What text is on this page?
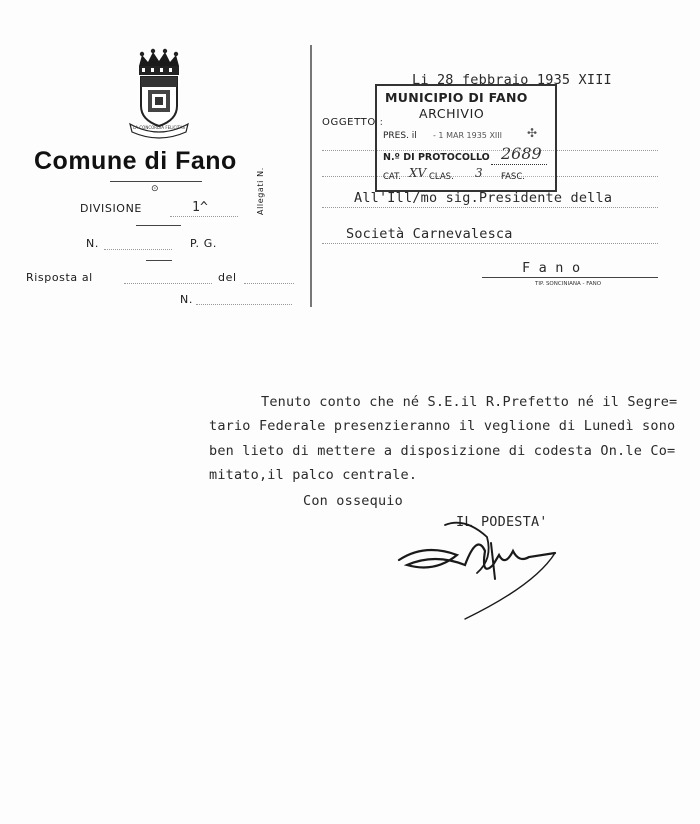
LA CONCORDIA FELICITAS
Comune di Fano
⊙
DIVISIONE	1^
N.	P. G.
Risposta al	del
N.
Allegati N.
Li 28 febbraio 1935 XIII
OGGETTO :
MUNICIPIO DI FANO
ARCHIVIO
PRES. il - 1 MAR 1935 XIII ✣
N.º DI PROTOCOLLO 2689
CAT. XV CLAS. 3 FASC.
All'Ill/mo sig.Presidente della
Società Carnevalesca
F a n o
TIP. SONCINIANA - FANO
Tenuto conto che né S.E.il R.Prefetto né il Segre=
tario Federale presenzieranno il veglione di Lunedì sono
ben lieto di mettere a disposizione di codesta On.le Co=
mitato,il palco centrale.
Con ossequio
IL PODESTA'
